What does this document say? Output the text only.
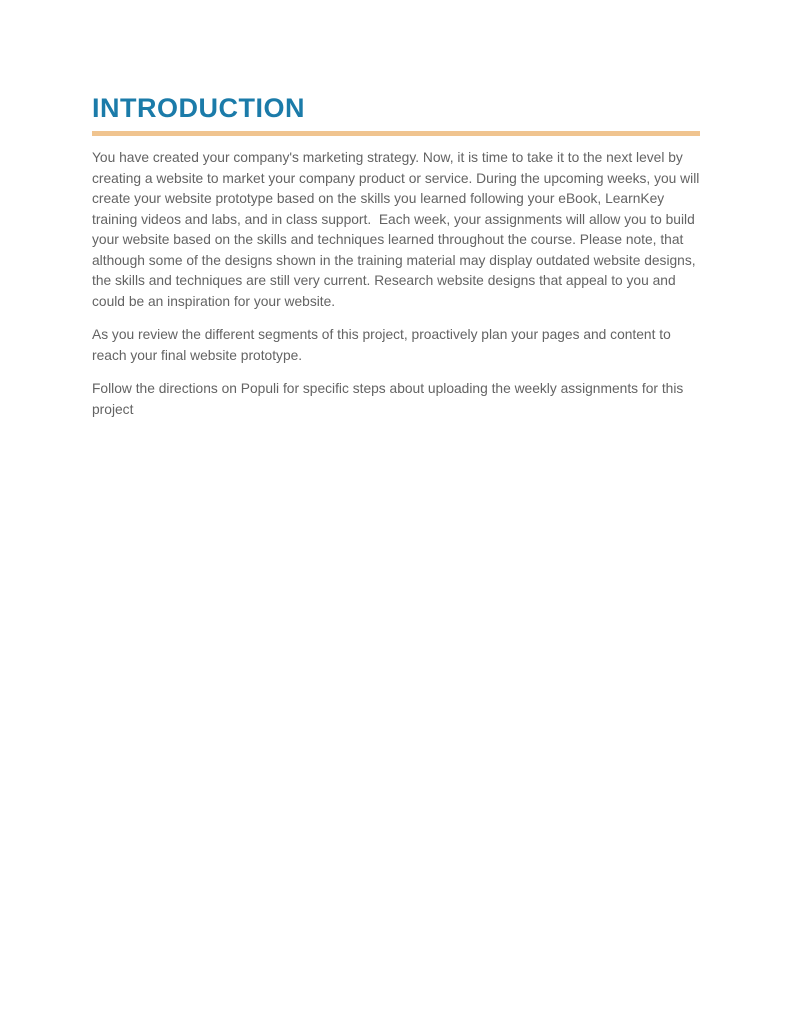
INTRODUCTION

You have created your company's marketing strategy. Now, it is time to take it to the next level by creating a website to market your company product or service. During the upcoming weeks, you will create your website prototype based on the skills you learned following your eBook, LearnKey training videos and labs, and in class support.  Each week, your assignments will allow you to build your website based on the skills and techniques learned throughout the course. Please note, that although some of the designs shown in the training material may display outdated website designs, the skills and techniques are still very current. Research website designs that appeal to you and could be an inspiration for your website.

As you review the different segments of this project, proactively plan your pages and content to reach your final website prototype.

Follow the directions on Populi for specific steps about uploading the weekly assignments for this project
